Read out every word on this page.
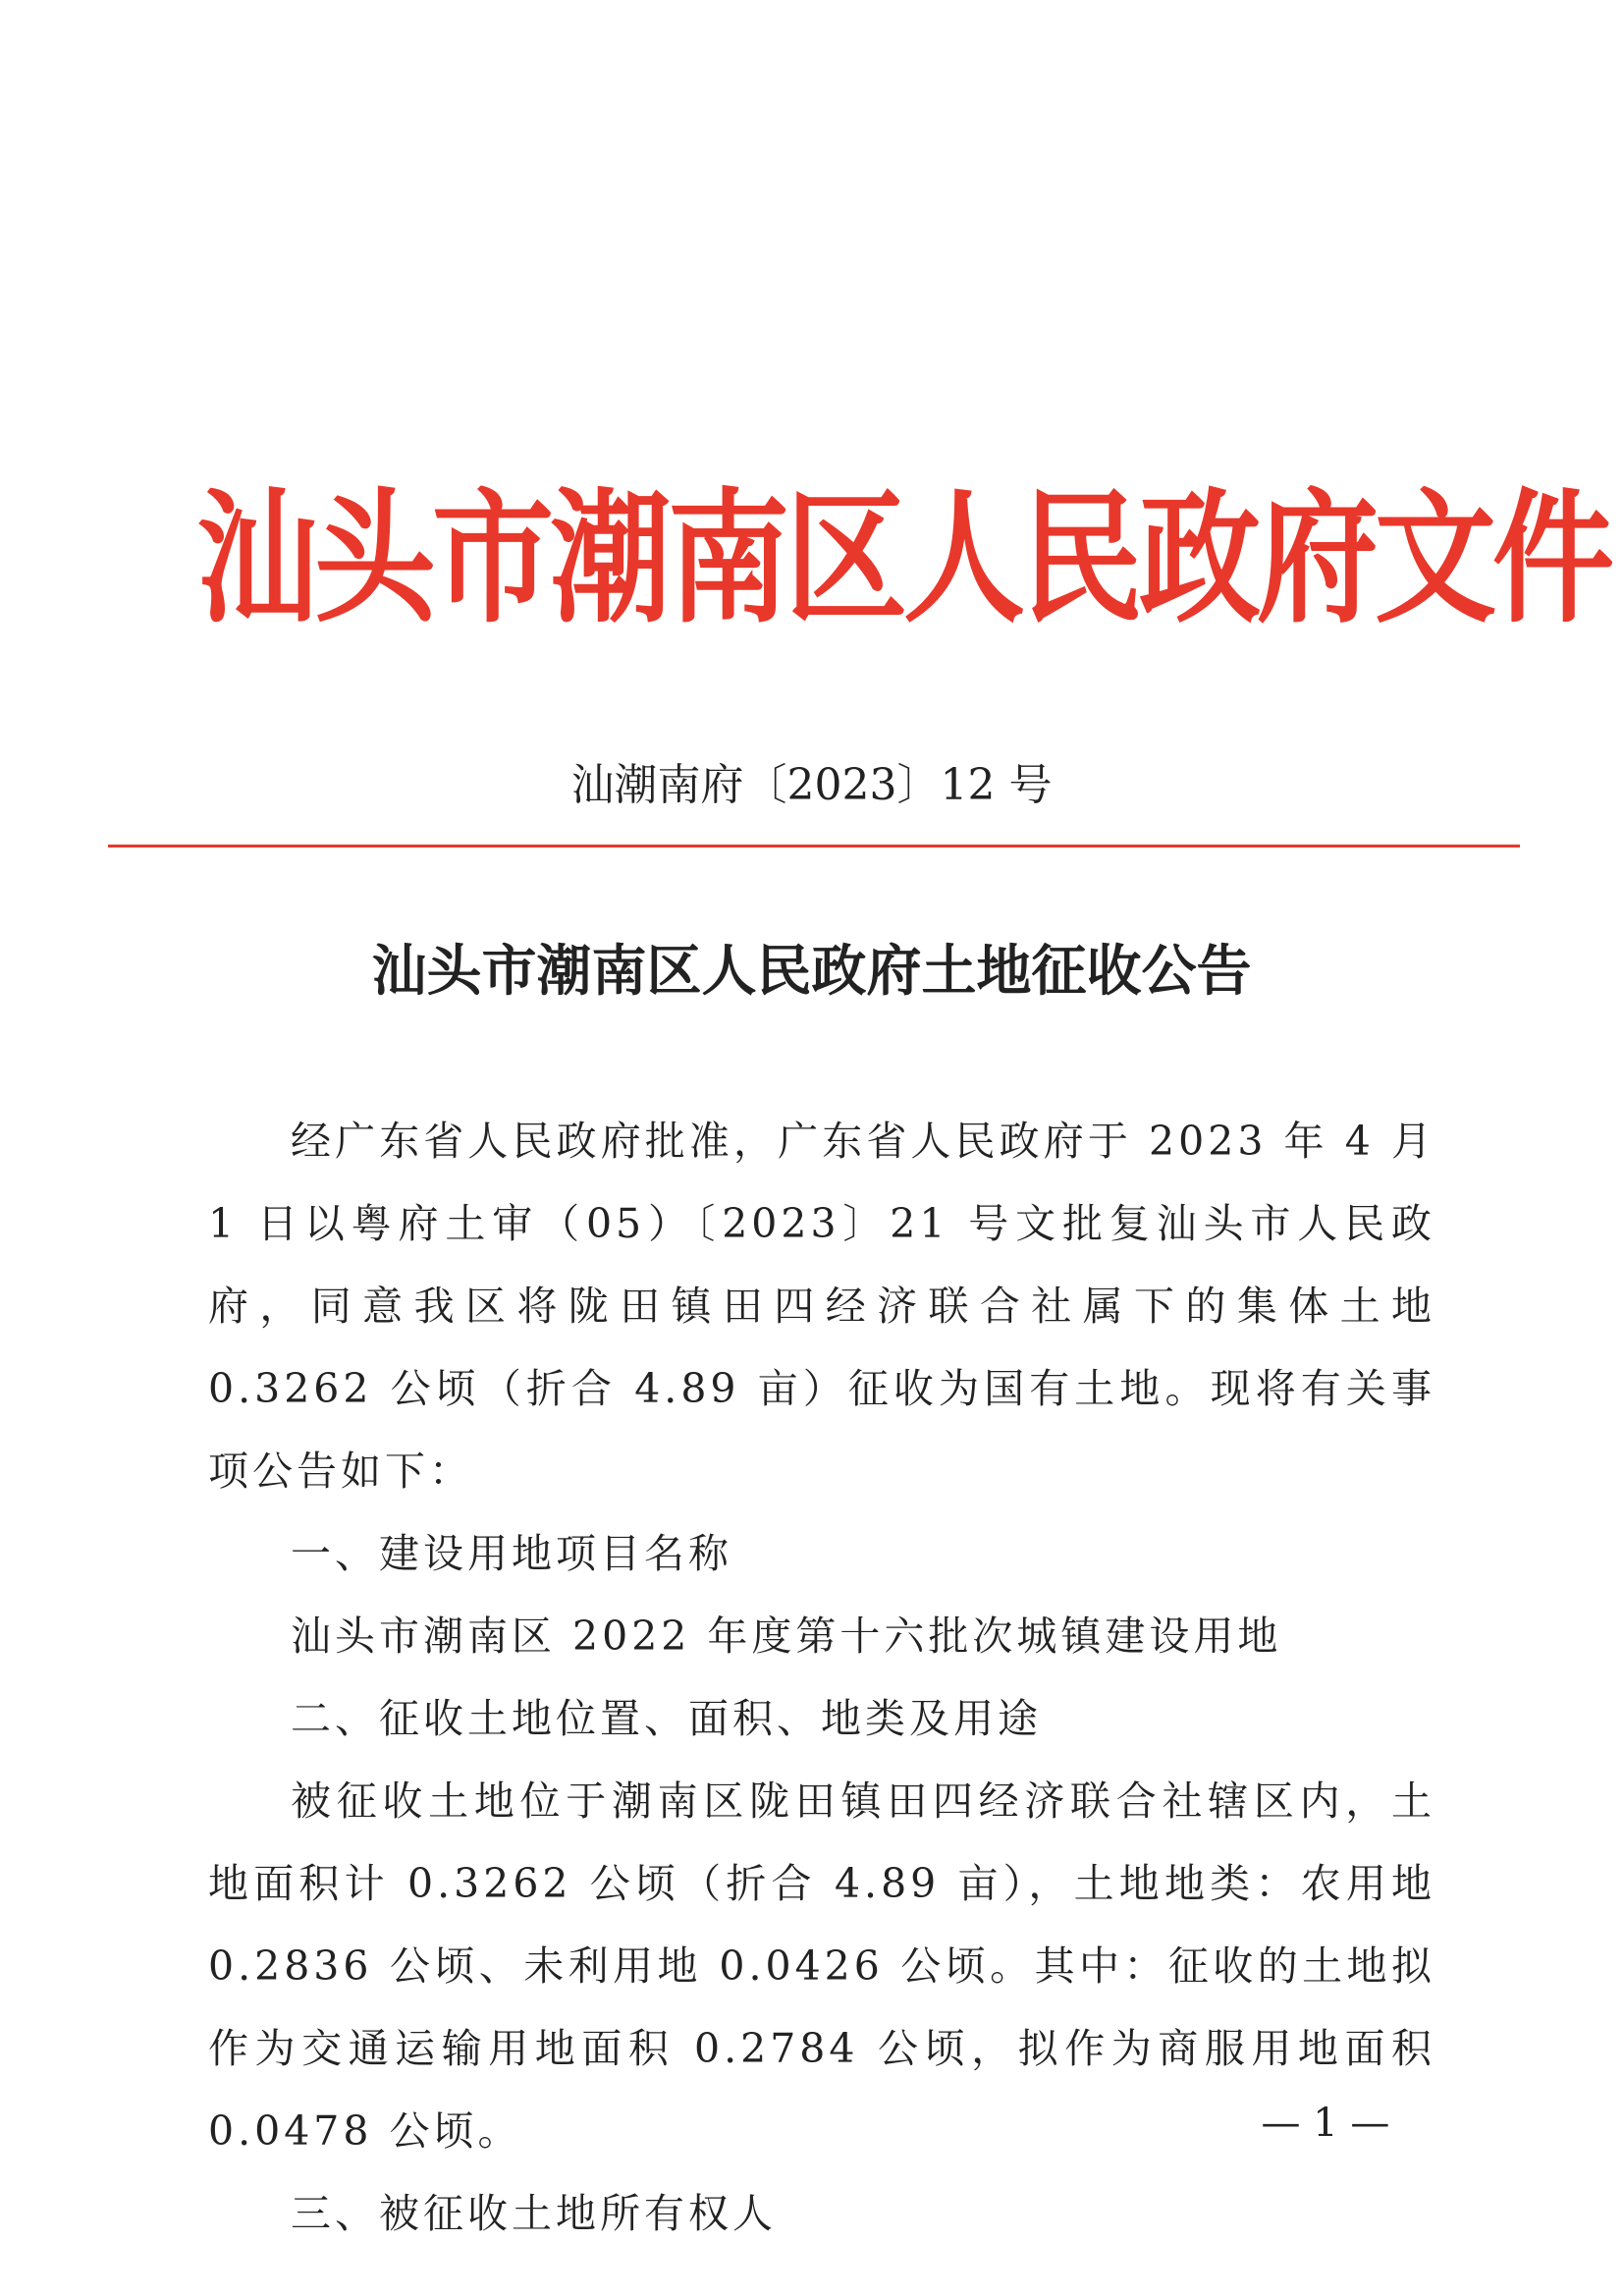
汕头市潮南区人民政府文件
汕潮南府〔2023〕12 号
汕头市潮南区人民政府土地征收公告

经广东省人民政府批准，广东省人民政府于 2023 年 4 月 1 日以粤府土审（05）〔2023〕21 号文批复汕头市人民政府，同意我区将陇田镇田四经济联合社属下的集体土地 0.3262 公顷（折合 4.89 亩）征收为国有土地。现将有关事项公告如下：

一、建设用地项目名称

汕头市潮南区 2022 年度第十六批次城镇建设用地

二、征收土地位置、面积、地类及用途

被征收土地位于潮南区陇田镇田四经济联合社辖区内，土地面积计 0.3262 公顷（折合 4.89 亩），土地地类：农用地 0.2836 公顷、未利用地 0.0426 公顷。其中：征收的土地拟作为交通运输用地面积 0.2784 公顷，拟作为商服用地面积 0.0478 公顷。

三、被征收土地所有权人

— 1 —
